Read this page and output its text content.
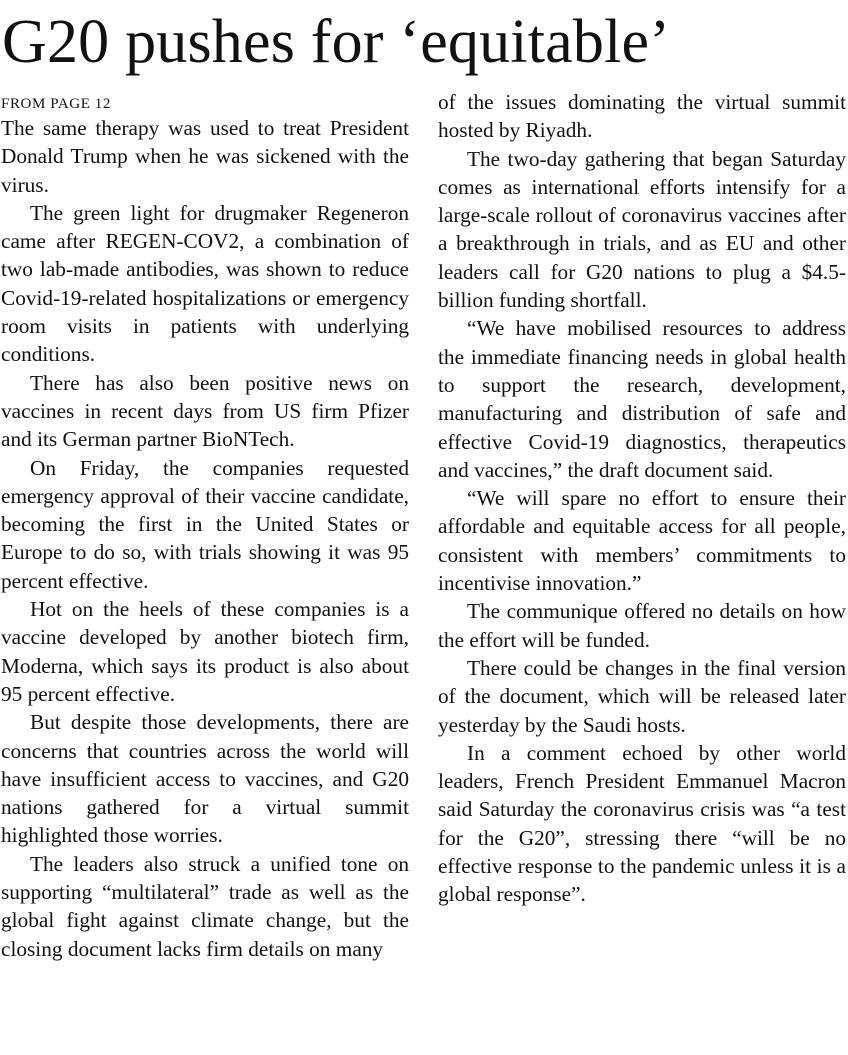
G20 pushes for ‘equitable’
FROM PAGE 12

The same therapy was used to treat President Donald Trump when he was sickened with the virus.

The green light for drugmaker Regeneron came after REGEN-COV2, a combination of two lab-made antibodies, was shown to reduce Covid-19-related hospitalizations or emergency room visits in patients with underlying conditions.

There has also been positive news on vaccines in recent days from US firm Pfizer and its German partner BioNTech.

On Friday, the companies requested emergency approval of their vaccine candidate, becoming the first in the United States or Europe to do so, with trials showing it was 95 percent effective.

Hot on the heels of these companies is a vaccine developed by another biotech firm, Moderna, which says its product is also about 95 percent effective.

But despite those developments, there are concerns that countries across the world will have insufficient access to vaccines, and G20 nations gathered for a virtual summit highlighted those worries.

The leaders also struck a unified tone on supporting “multilateral” trade as well as the global fight against climate change, but the closing document lacks firm details on many

of the issues dominating the virtual summit hosted by Riyadh.

The two-day gathering that began Saturday comes as international efforts intensify for a large-scale rollout of coronavirus vaccines after a breakthrough in trials, and as EU and other leaders call for G20 nations to plug a $4.5-billion funding shortfall.

“We have mobilised resources to address the immediate financing needs in global health to support the research, development, manufacturing and distribution of safe and effective Covid-19 diagnostics, therapeutics and vaccines,” the draft document said.

“We will spare no effort to ensure their affordable and equitable access for all people, consistent with members’ commitments to incentivise innovation.”

The communique offered no details on how the effort will be funded.

There could be changes in the final version of the document, which will be released later yesterday by the Saudi hosts.

In a comment echoed by other world leaders, French President Emmanuel Macron said Saturday the coronavirus crisis was “a test for the G20”, stressing there “will be no effective response to the pandemic unless it is a global response”.
